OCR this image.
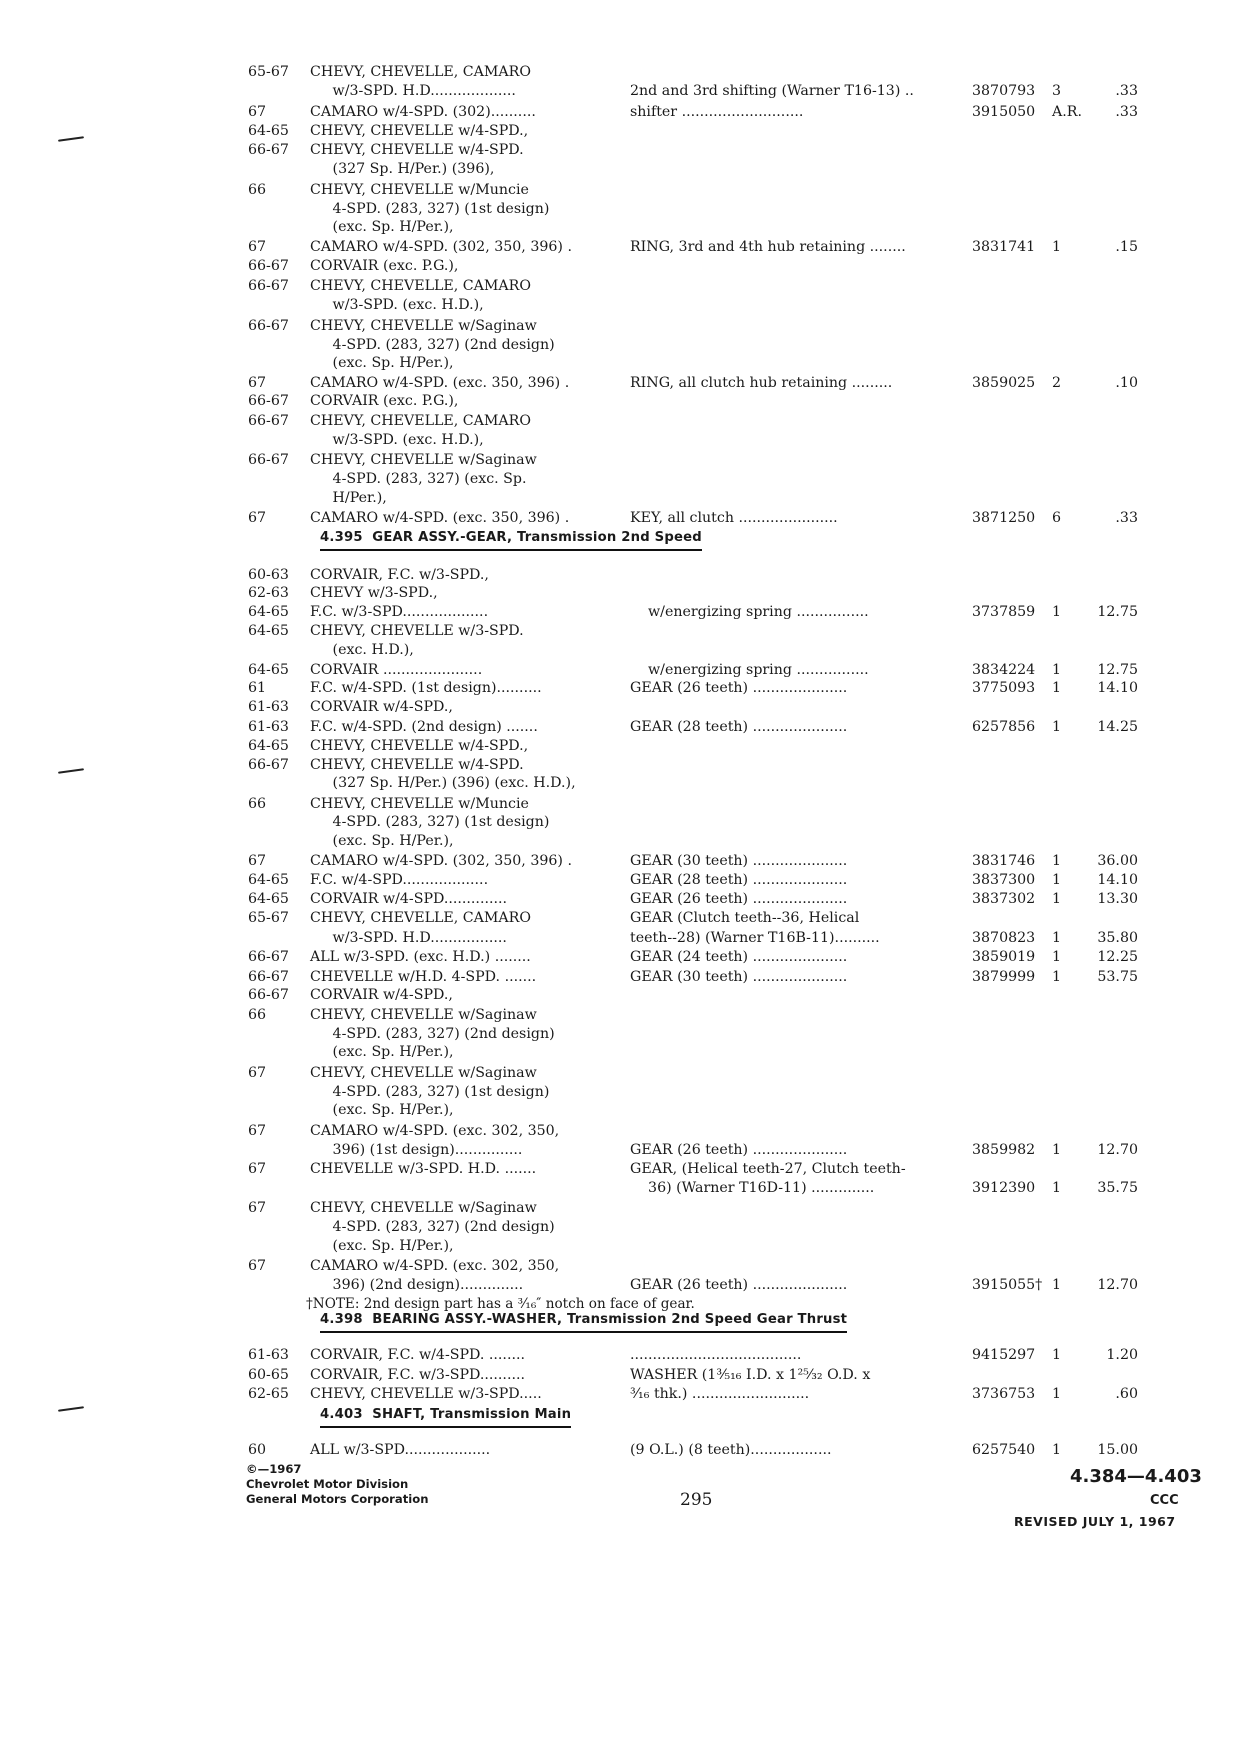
65-67	CHEVY, CHEVELLE, CAMARO
w/3-SPD. H.D...................	2nd and 3rd shifting (Warner T16-13) ..	3870793	3	.33
67	CAMARO w/4-SPD. (302)..........	shifter ...........................	3915050	A.R.	.33
64-65	CHEVY, CHEVELLE w/4-SPD.,
66-67	CHEVY, CHEVELLE w/4-SPD.
(327 Sp. H/Per.) (396),
66	CHEVY, CHEVELLE w/Muncie
4-SPD. (283, 327) (1st design)
(exc. Sp. H/Per.),
67	CAMARO w/4-SPD. (302, 350, 396) .	RING, 3rd and 4th hub retaining ........	3831741	1	.15
66-67	CORVAIR (exc. P.G.),
66-67	CHEVY, CHEVELLE, CAMARO
w/3-SPD. (exc. H.D.),
66-67	CHEVY, CHEVELLE w/Saginaw
4-SPD. (283, 327) (2nd design)
(exc. Sp. H/Per.),
67	CAMARO w/4-SPD. (exc. 350, 396) .	RING, all clutch hub retaining .........	3859025	2	.10
66-67	CORVAIR (exc. P.G.),
66-67	CHEVY, CHEVELLE, CAMARO
w/3-SPD. (exc. H.D.),
66-67	CHEVY, CHEVELLE w/Saginaw
4-SPD. (283, 327) (exc. Sp.
H/Per.),
67	CAMARO w/4-SPD. (exc. 350, 396) .	KEY, all clutch ......................	3871250	6	.33
60-63	CORVAIR, F.C. w/3-SPD.,
62-63	CHEVY w/3-SPD.,
64-65	F.C. w/3-SPD...................	w/energizing spring ................	3737859	1	12.75
64-65	CHEVY, CHEVELLE w/3-SPD.
(exc. H.D.),
64-65	CORVAIR ......................	w/energizing spring ................	3834224	1	12.75
61	F.C. w/4-SPD. (1st design)..........	GEAR (26 teeth) .....................	3775093	1	14.10
61-63	CORVAIR w/4-SPD.,
61-63	F.C. w/4-SPD. (2nd design) .......	GEAR (28 teeth) .....................	6257856	1	14.25
64-65	CHEVY, CHEVELLE w/4-SPD.,
66-67	CHEVY, CHEVELLE w/4-SPD.
(327 Sp. H/Per.) (396) (exc. H.D.),
66	CHEVY, CHEVELLE w/Muncie
4-SPD. (283, 327) (1st design)
(exc. Sp. H/Per.),
67	CAMARO w/4-SPD. (302, 350, 396) .	GEAR (30 teeth) .....................	3831746	1	36.00
64-65	F.C. w/4-SPD...................	GEAR (28 teeth) .....................	3837300	1	14.10
64-65	CORVAIR w/4-SPD..............	GEAR (26 teeth) .....................	3837302	1	13.30
65-67	CHEVY, CHEVELLE, CAMARO	GEAR (Clutch teeth--36, Helical
w/3-SPD. H.D.................	teeth--28) (Warner T16B-11)..........	3870823	1	35.80
66-67	ALL w/3-SPD. (exc. H.D.) ........	GEAR (24 teeth) .....................	3859019	1	12.25
66-67	CHEVELLE w/H.D. 4-SPD. .......	GEAR (30 teeth) .....................	3879999	1	53.75
66-67	CORVAIR w/4-SPD.,
66	CHEVY, CHEVELLE w/Saginaw
4-SPD. (283, 327) (2nd design)
(exc. Sp. H/Per.),
67	CHEVY, CHEVELLE w/Saginaw
4-SPD. (283, 327) (1st design)
(exc. Sp. H/Per.),
67	CAMARO w/4-SPD. (exc. 302, 350,
396) (1st design)...............	GEAR (26 teeth) .....................	3859982	1	12.70
67	CHEVELLE w/3-SPD. H.D. .......	GEAR, (Helical teeth-27, Clutch teeth-
36) (Warner T16D-11) ..............	3912390	1	35.75
67	CHEVY, CHEVELLE w/Saginaw
4-SPD. (283, 327) (2nd design)
(exc. Sp. H/Per.),
67	CAMARO w/4-SPD. (exc. 302, 350,
396) (2nd design)..............	GEAR (26 teeth) .....................	3915055† 1	12.70
61-63	CORVAIR, F.C. w/4-SPD. ........	......................................	9415297	1	1.20
60-65	CORVAIR, F.C. w/3-SPD..........	WASHER (1⅗₁₆ I.D. x 1²⁵⁄₃₂ O.D. x
62-65	CHEVY, CHEVELLE w/3-SPD.....	³⁄₁₆ thk.) ..........................	3736753	1	.60
60	ALL w/3-SPD...................	(9 O.L.) (8 teeth)..................	6257540	1	15.00
4.395  GEAR ASSY.-GEAR, Transmission 2nd Speed
4.398  BEARING ASSY.-WASHER, Transmission 2nd Speed Gear Thrust
4.403  SHAFT, Transmission Main
†NOTE: 2nd design part has a ³⁄₁₆″ notch on face of gear.
©—1967
Chevrolet Motor Division
General Motors Corporation	295
4.384—4.403
CCC
REVISED JULY 1, 1967
